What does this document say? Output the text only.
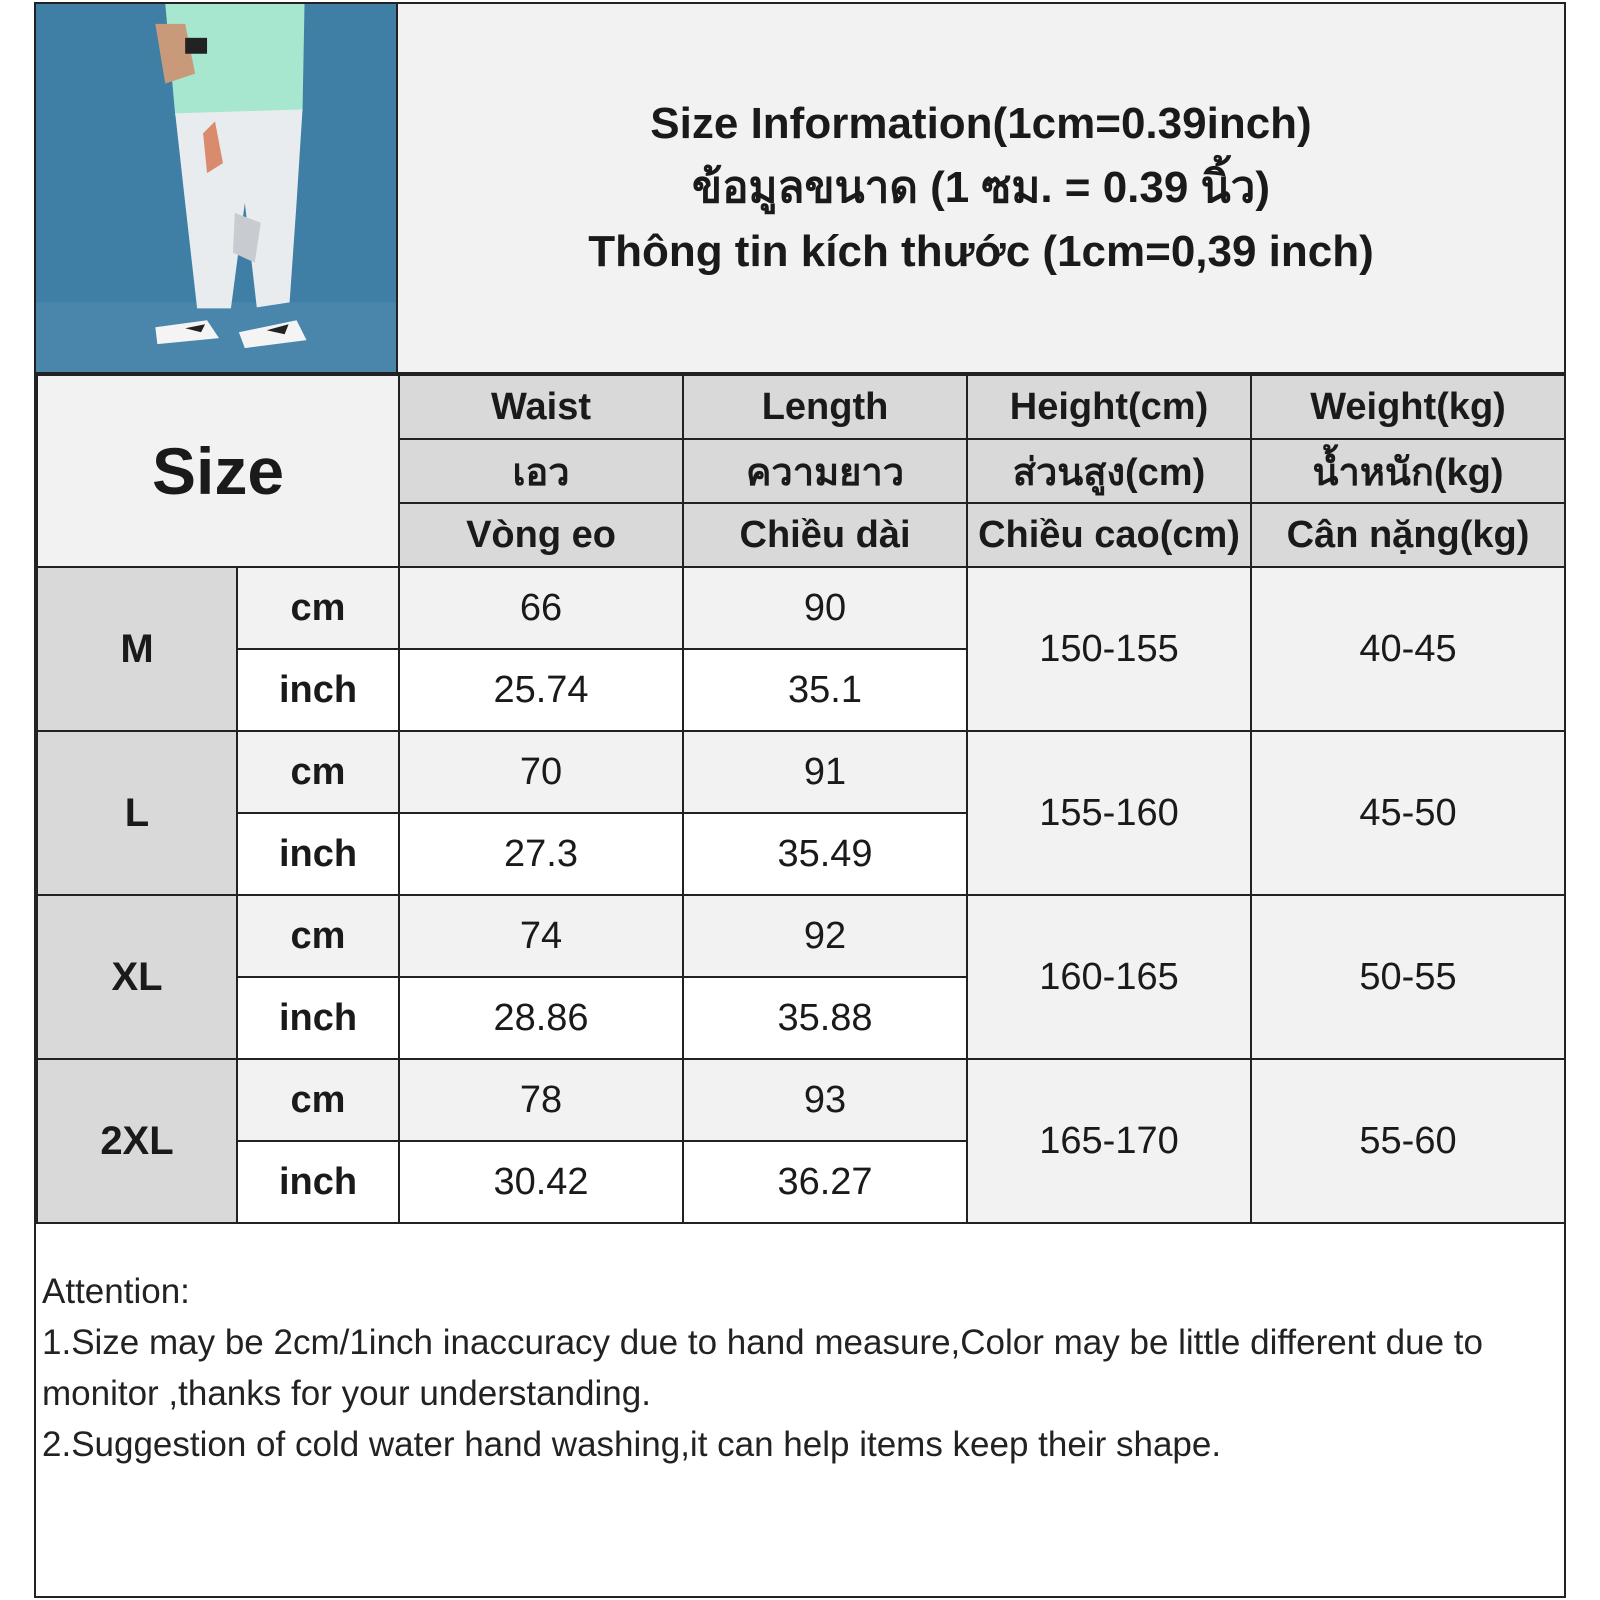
Size Information(1cm=0.39inch)
ข้อมูลขนาด (1 ซม. = 0.39 นิ้ว)
Thông tin kích thước (1cm=0,39 inch)
Size		Waist	Length	Height(cm)	Weight(kg)
		เอว	ความยาว	ส่วนสูง(cm)	น้ำหนัก(kg)
		Vòng eo	Chiều dài	Chiều cao(cm)	Cân nặng(kg)
M	cm	66	90	150-155	40-45
	inch	25.74	35.1		
L	cm	70	91	155-160	45-50
	inch	27.3	35.49		
XL	cm	74	92	160-165	50-55
	inch	28.86	35.88		
2XL	cm	78	93	165-170	55-60
	inch	30.42	36.27		

Attention:

1.Size may be 2cm/1inch inaccuracy due to hand measure,Color may be little different due to monitor ,thanks for your understanding.

2.Suggestion of cold water hand washing,it can help items keep their shape.
